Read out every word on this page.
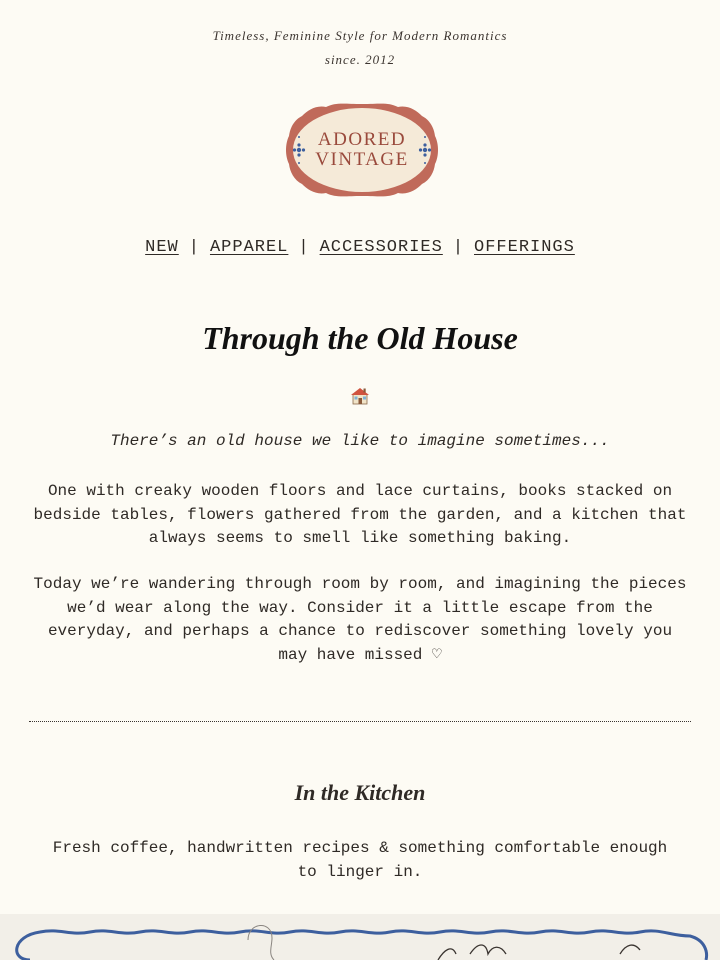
Timeless, Feminine Style for Modern Romantics
since. 2012
ADORED
VINTAGE
NEW | APPAREL | ACCESSORIES | OFFERINGS
Through the Old House

There’s an old house we like to imagine sometimes...

One with creaky wooden floors and lace curtains, books stacked on bedside tables, flowers gathered from the garden, and a kitchen that always seems to smell like something baking.

Today we’re wandering through room by room, and imagining the pieces we’d wear along the way. Consider it a little escape from the everyday, and perhaps a chance to rediscover something lovely you may have missed ♡

In the Kitchen

Fresh coffee, handwritten recipes & something comfortable enough to linger in.
